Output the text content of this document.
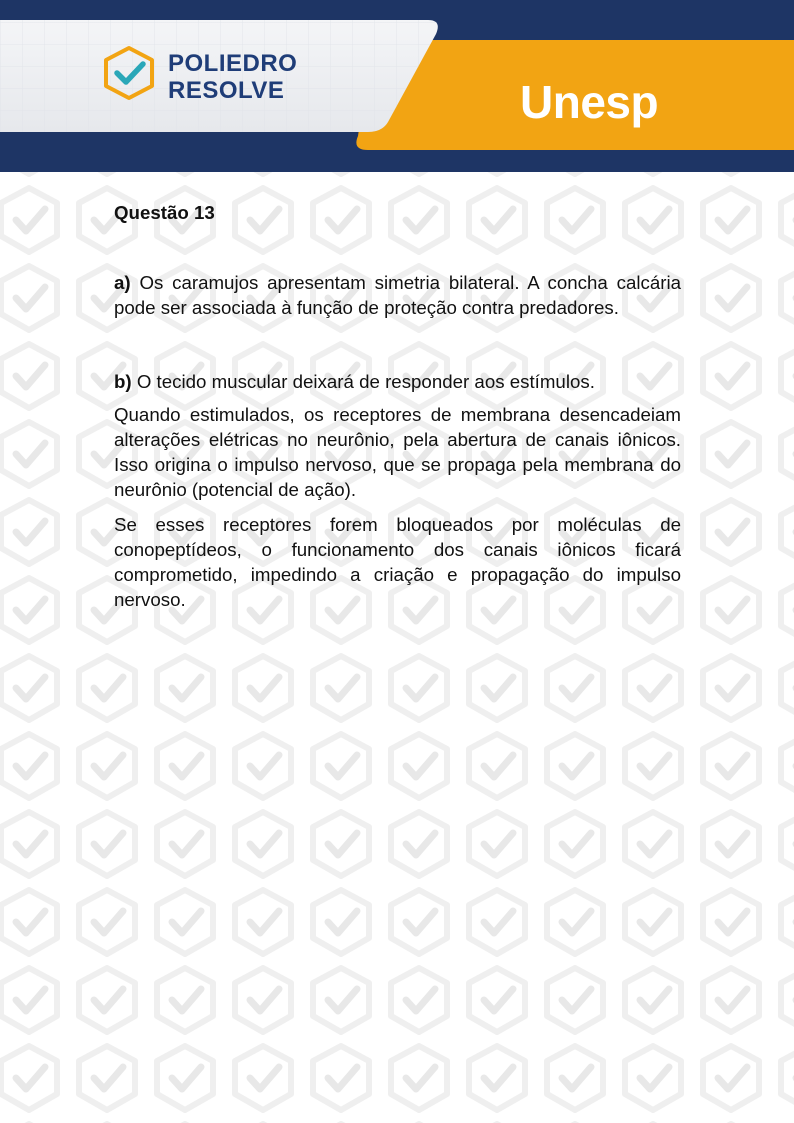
POLIEDRO
RESOLVE	Unesp

Questão 13

a) Os caramujos apresentam simetria bilateral. A concha calcária pode ser associada à função de proteção contra predadores.

b) O tecido muscular deixará de responder aos estímulos.

Quando estimulados, os receptores de membrana desencadeiam alterações elétricas no neurônio, pela abertura de canais iônicos. Isso origina o impulso nervoso, que se propaga pela membrana do neurônio (potencial de ação).

Se esses receptores forem bloqueados por moléculas de conopeptídeos, o funcionamento dos canais iônicos ficará comprometido, impedindo a criação e propagação do impulso nervoso.
